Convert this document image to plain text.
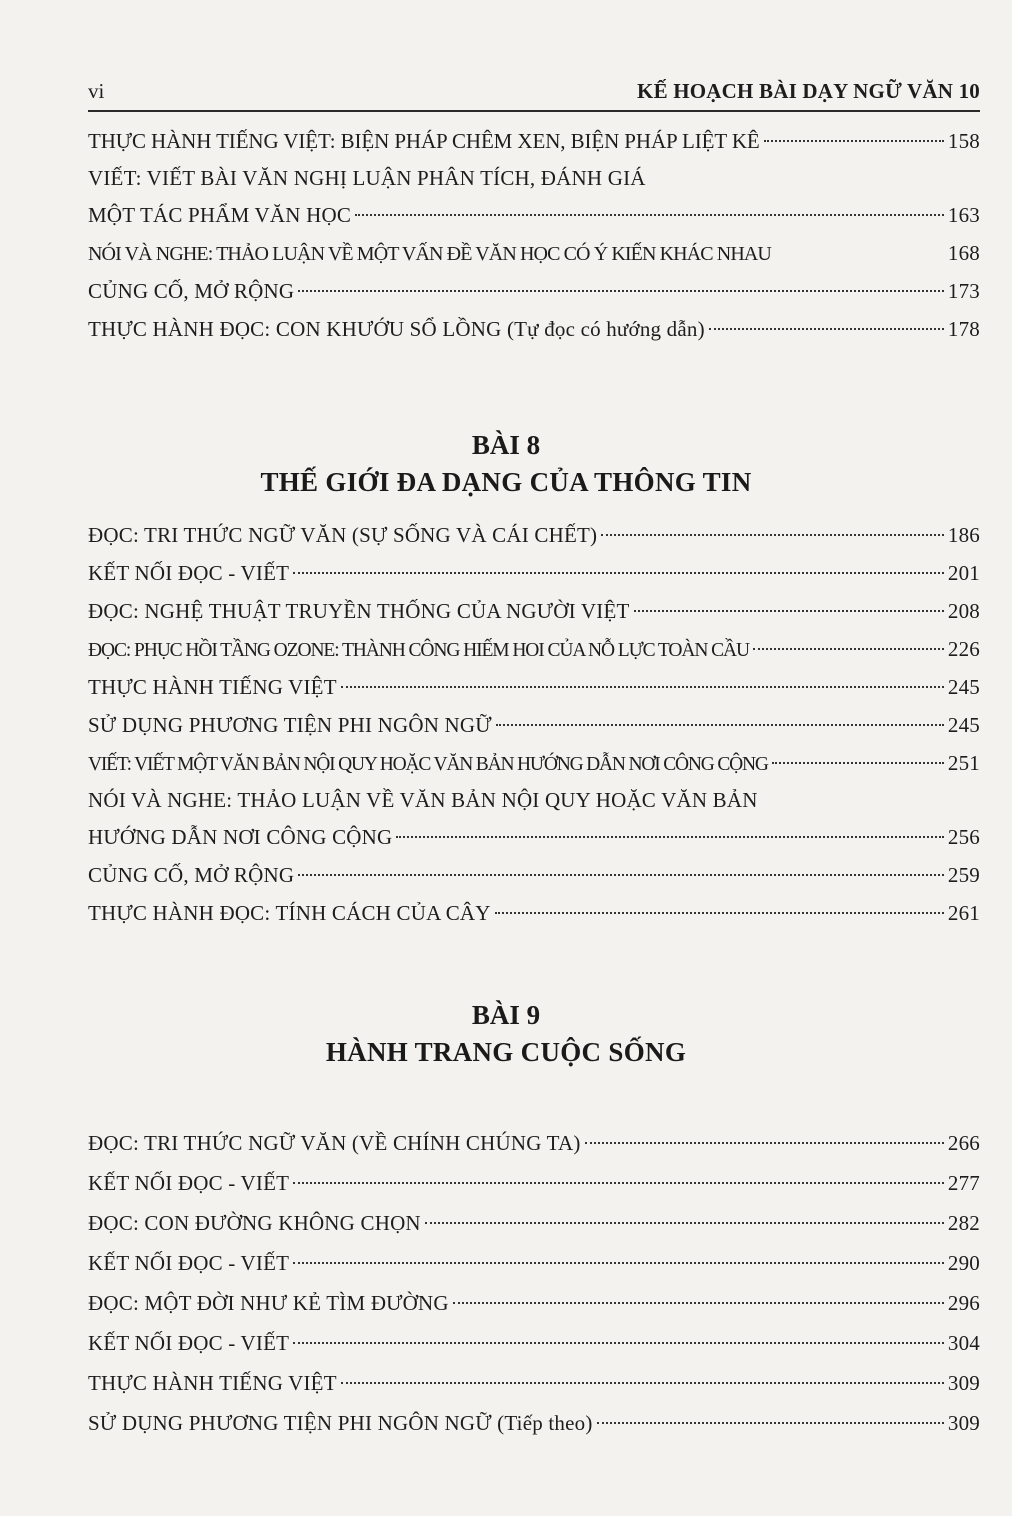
vi	KẾ HOẠCH BÀI DẠY NGỮ VĂN 10
THỰC HÀNH TIẾNG VIỆT: BIỆN PHÁP CHÊM XEN, BIỆN PHÁP LIỆT KÊ	158
VIẾT: VIẾT BÀI VĂN NGHỊ LUẬN PHÂN TÍCH, ĐÁNH GIÁ
MỘT TÁC PHẨM VĂN HỌC	163
NÓI VÀ NGHE: THẢO LUẬN VỀ MỘT VẤN ĐỀ VĂN HỌC CÓ Ý KIẾN KHÁC NHAU	168
CỦNG CỐ, MỞ RỘNG	173
THỰC HÀNH ĐỌC: CON KHƯỚU SỔ LỒNG (Tự đọc có hướng dẫn)	178
BÀI 8
THẾ GIỚI ĐA DẠNG CỦA THÔNG TIN
ĐỌC: TRI THỨC NGỮ VĂN (SỰ SỐNG VÀ CÁI CHẾT)	186
KẾT NỐI ĐỌC - VIẾT	201
ĐỌC: NGHỆ THUẬT TRUYỀN THỐNG CỦA NGƯỜI VIỆT	208
ĐỌC: PHỤC HỒI TẦNG OZONE: THÀNH CÔNG HIẾM HOI CỦA NỖ LỰC TOÀN CẦU	226
THỰC HÀNH TIẾNG VIỆT	245
SỬ DỤNG PHƯƠNG TIỆN PHI NGÔN NGỮ	245
VIẾT: VIẾT MỘT VĂN BẢN NỘI QUY HOẶC VĂN BẢN HƯỚNG DẪN NƠI CÔNG CỘNG	251
NÓI VÀ NGHE: THẢO LUẬN VỀ VĂN BẢN NỘI QUY HOẶC VĂN BẢN
HƯỚNG DẪN NƠI CÔNG CỘNG	256
CỦNG CỐ, MỞ RỘNG	259
THỰC HÀNH ĐỌC: TÍNH CÁCH CỦA CÂY	261
BÀI 9
HÀNH TRANG CUỘC SỐNG
ĐỌC: TRI THỨC NGỮ VĂN (VỀ CHÍNH CHÚNG TA)	266
KẾT NỐI ĐỌC - VIẾT	277
ĐỌC: CON ĐƯỜNG KHÔNG CHỌN	282
KẾT NỐI ĐỌC - VIẾT	290
ĐỌC: MỘT ĐỜI NHƯ KẺ TÌM ĐƯỜNG	296
KẾT NỐI ĐỌC - VIẾT	304
THỰC HÀNH TIẾNG VIỆT	309
SỬ DỤNG PHƯƠNG TIỆN PHI NGÔN NGỮ (Tiếp theo)	309
